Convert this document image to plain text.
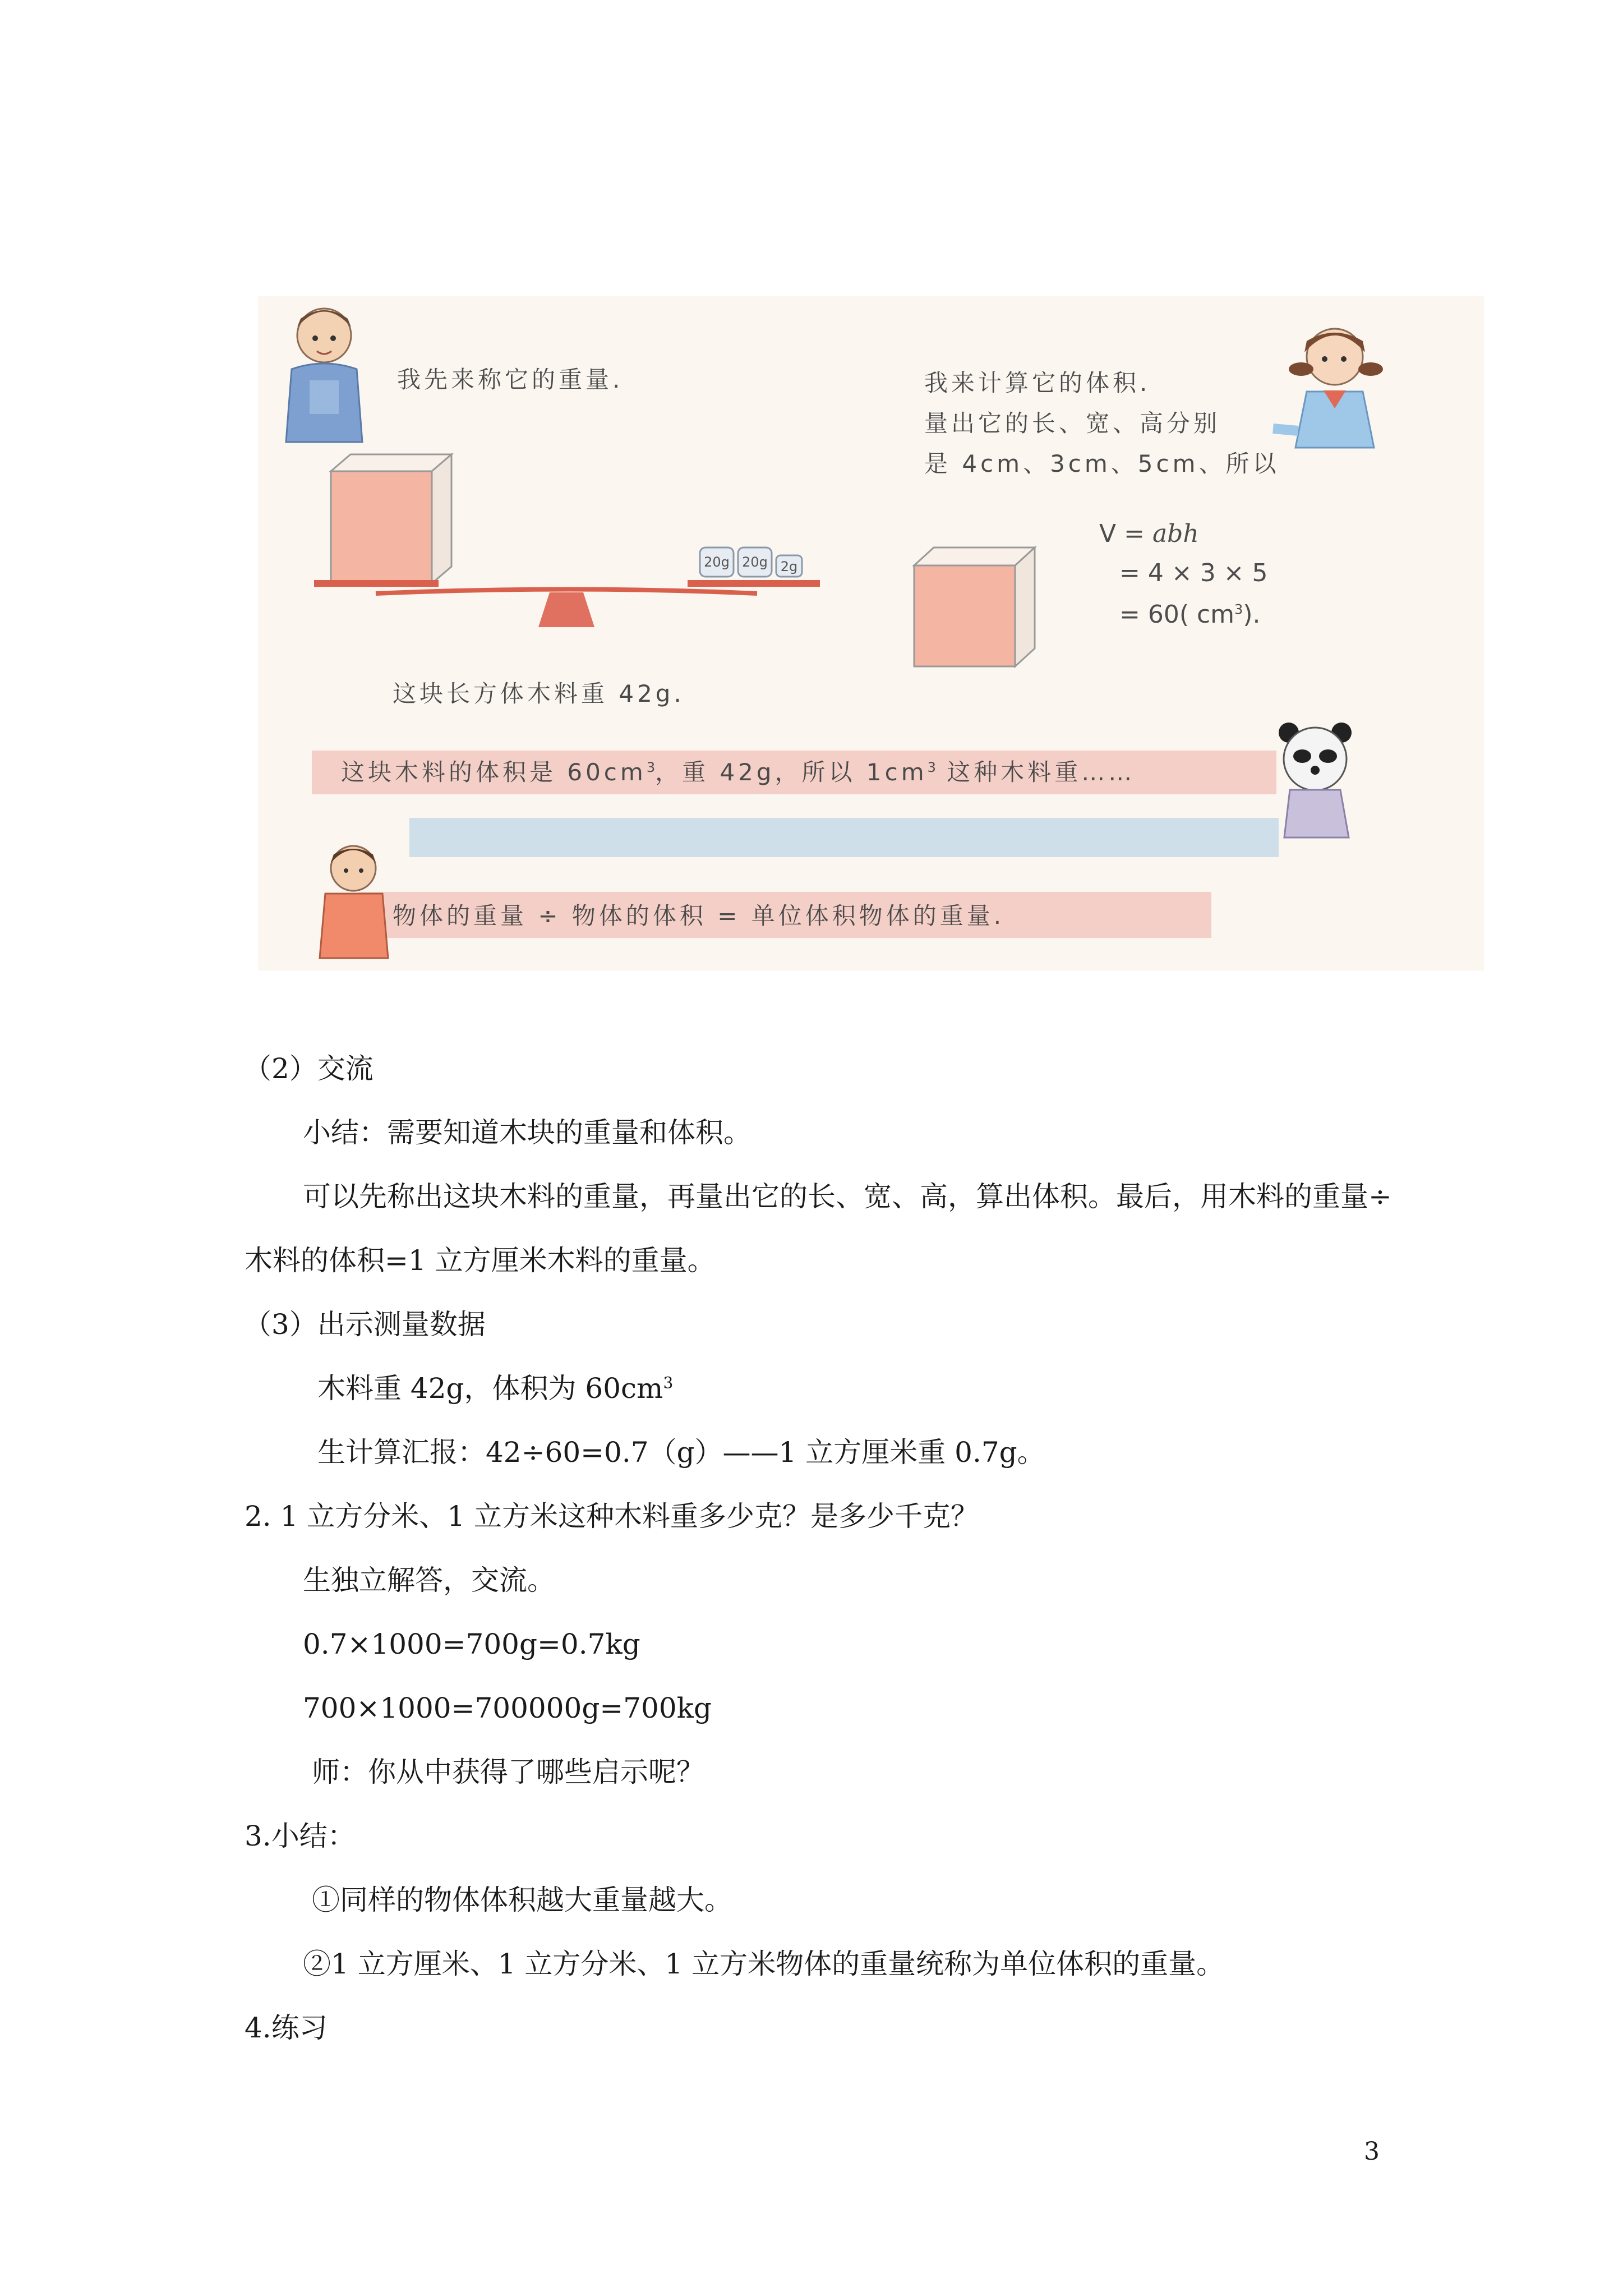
我先来称它的重量.	我来计算它的体积.
量出它的长、宽、高分别
是 4cm、3cm、5cm、所以
V = abh
= 4 × 3 × 5
= 60( $cm^3$).
20g 20g 2g
这块长方体木料重 42g.
这块木料的体积是 $60cm^3$，重 42g，所以 $1cm^3$ 这种木料重……
物体的重量 ÷ 物体的体积 = 单位体积物体的重量.
（2）交流
小结：需要知道木块的重量和体积。
可以先称出这块木料的重量，再量出它的长、宽、高，算出体积。最后，用木料的重量÷
木料的体积=1 立方厘米木料的重量。
（3）出示测量数据
木料重 42g，体积为 $60cm^3$
生计算汇报：42÷60=0.7（g）——1 立方厘米重 0.7g。
2. 1 立方分米、1 立方米这种木料重多少克？是多少千克？
生独立解答，交流。
0.7×1000=700g=0.7kg
700×1000=700000g=700kg
师：你从中获得了哪些启示呢？
3.小结：
①同样的物体体积越大重量越大。
②1 立方厘米、1 立方分米、1 立方米物体的重量统称为单位体积的重量。
4.练习
3
